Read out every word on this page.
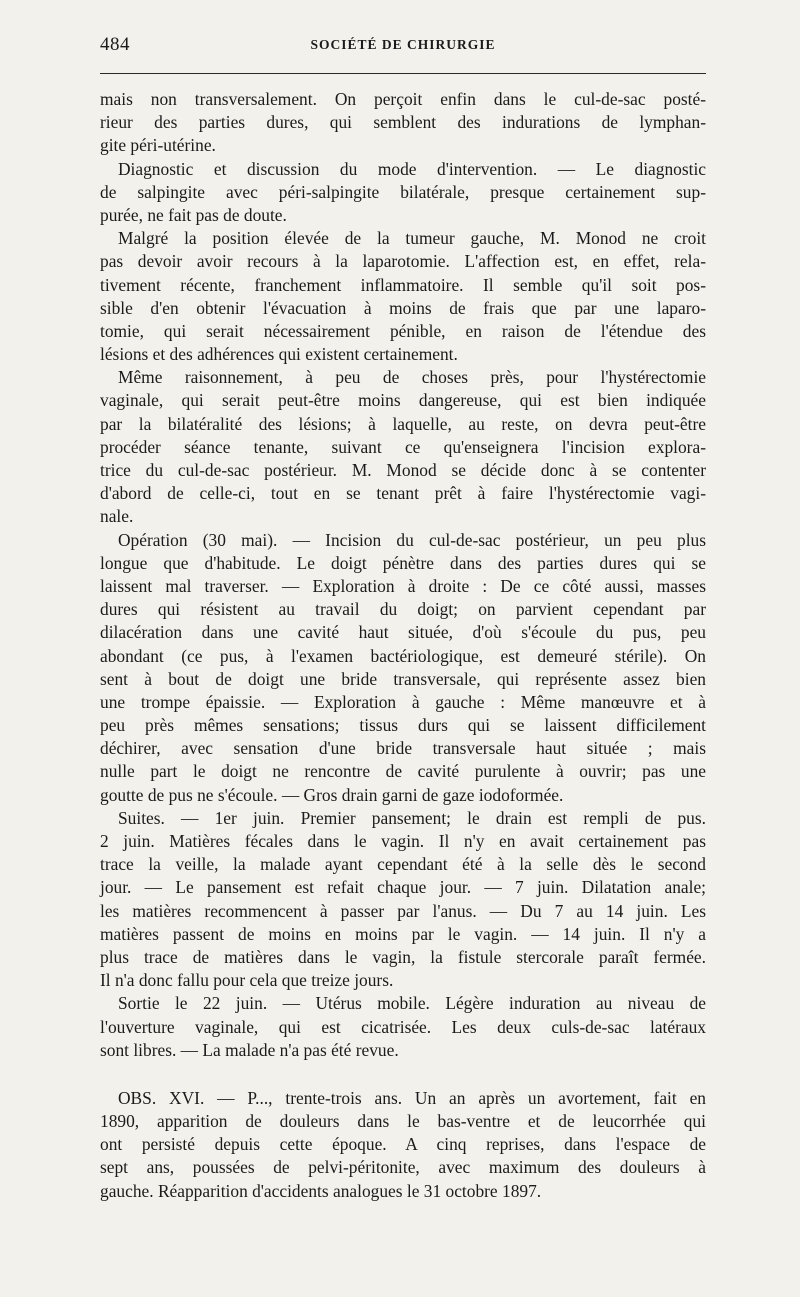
484	SOCIÉTÉ DE CHIRURGIE
mais non transversalement. On perçoit enfin dans le cul-de-sac posté-
rieur des parties dures, qui semblent des indurations de lymphan-
gite péri-utérine.
Diagnostic et discussion du mode d'intervention. — Le diagnostic
de salpingite avec péri-salpingite bilatérale, presque certainement sup-
purée, ne fait pas de doute.
Malgré la position élevée de la tumeur gauche, M. Monod ne croit
pas devoir avoir recours à la laparotomie. L'affection est, en effet, rela-
tivement récente, franchement inflammatoire. Il semble qu'il soit pos-
sible d'en obtenir l'évacuation à moins de frais que par une laparo-
tomie, qui serait nécessairement pénible, en raison de l'étendue des
lésions et des adhérences qui existent certainement.
Même raisonnement, à peu de choses près, pour l'hystérectomie
vaginale, qui serait peut-être moins dangereuse, qui est bien indiquée
par la bilatéralité des lésions; à laquelle, au reste, on devra peut-être
procéder séance tenante, suivant ce qu'enseignera l'incision explora-
trice du cul-de-sac postérieur. M. Monod se décide donc à se contenter
d'abord de celle-ci, tout en se tenant prêt à faire l'hystérectomie vagi-
nale.
Opération (30 mai). — Incision du cul-de-sac postérieur, un peu plus
longue que d'habitude. Le doigt pénètre dans des parties dures qui se
laissent mal traverser. — Exploration à droite : De ce côté aussi, masses
dures qui résistent au travail du doigt; on parvient cependant par
dilacération dans une cavité haut située, d'où s'écoule du pus, peu
abondant (ce pus, à l'examen bactériologique, est demeuré stérile). On
sent à bout de doigt une bride transversale, qui représente assez bien
une trompe épaissie. — Exploration à gauche : Même manœuvre et à
peu près mêmes sensations; tissus durs qui se laissent difficilement
déchirer, avec sensation d'une bride transversale haut située ; mais
nulle part le doigt ne rencontre de cavité purulente à ouvrir; pas une
goutte de pus ne s'écoule. — Gros drain garni de gaze iodoformée.
Suites. — 1er juin. Premier pansement; le drain est rempli de pus.
2 juin. Matières fécales dans le vagin. Il n'y en avait certainement pas
trace la veille, la malade ayant cependant été à la selle dès le second
jour. — Le pansement est refait chaque jour. — 7 juin. Dilatation anale;
les matières recommencent à passer par l'anus. — Du 7 au 14 juin. Les
matières passent de moins en moins par le vagin. — 14 juin. Il n'y a
plus trace de matières dans le vagin, la fistule stercorale paraît fermée.
Il n'a donc fallu pour cela que treize jours.
Sortie le 22 juin. — Utérus mobile. Légère induration au niveau de
l'ouverture vaginale, qui est cicatrisée. Les deux culs-de-sac latéraux
sont libres. — La malade n'a pas été revue.
OBS. XVI. — P..., trente-trois ans. Un an après un avortement, fait en
1890, apparition de douleurs dans le bas-ventre et de leucorrhée qui
ont persisté depuis cette époque. A cinq reprises, dans l'espace de
sept ans, poussées de pelvi-péritonite, avec maximum des douleurs à
gauche. Réapparition d'accidents analogues le 31 octobre 1897.
